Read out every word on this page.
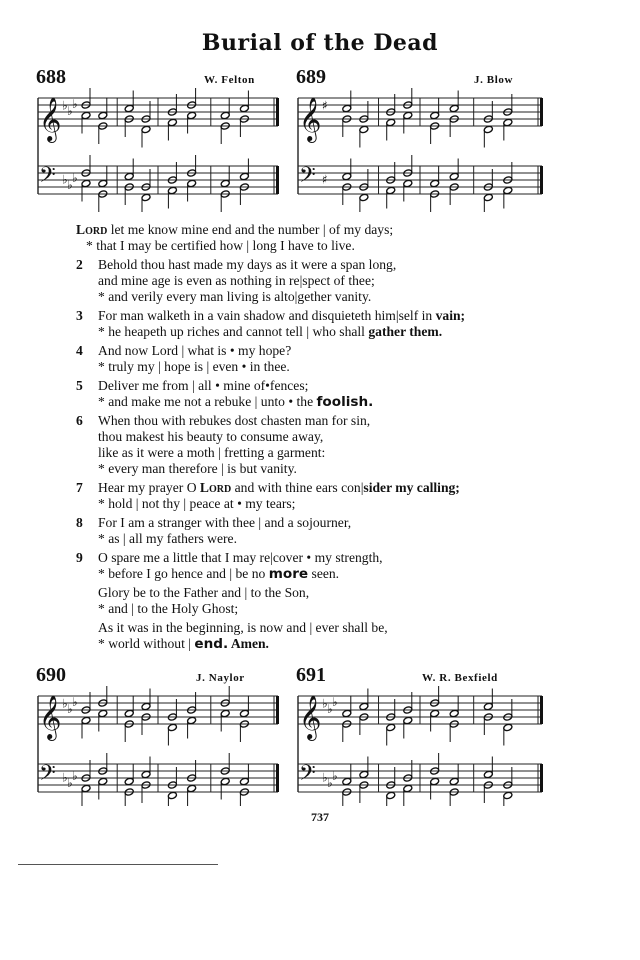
Burial of the Dead
688	W. Felton
𝄞 ♭ ♭ ♭
𝄢 ♭ ♭ ♭
689	J. Blow
𝄞 ♯
𝄢 ♯
Lord let me know mine end and the number | of my days;
* that I may be certified how | long I have to live.
2 Behold thou hast made my days as it were a span long,
and mine age is even as nothing in re|spect of thee;
* and verily every man living is alto|gether vanity.
3 For man walketh in a vain shadow and disquieteth him|self in vain;
* he heapeth up riches and cannot tell | who shall gather them.
4 And now Lord | what is • my hope?
* truly my | hope is | even • in thee.
5 Deliver me from | all • mine of•fences;
* and make me not a rebuke | unto • the foolish.
6 When thou with rebukes dost chasten man for sin,
thou makest his beauty to consume away,
like as it were a moth | fretting a garment:
* every man therefore | is but vanity.
7 Hear my prayer O Lord and with thine ears con|sider my calling;
* hold | not thy | peace at • my tears;
8 For I am a stranger with thee | and a sojourner,
* as | all my fathers were.
9 O spare me a little that I may re|cover • my strength,
* before I go hence and | be no more seen.
Glory be to the Father and | to the Son,
* and | to the Holy Ghost;
As it was in the beginning, is now and | ever shall be,
* world without | end. Amen.
690	J. Naylor
𝄞 ♭ ♭ ♭
𝄢 ♭ ♭ ♭
691	W. R. Bexfield
𝄞 ♭ ♭ ♭
𝄢 ♭ ♭ ♭
737
